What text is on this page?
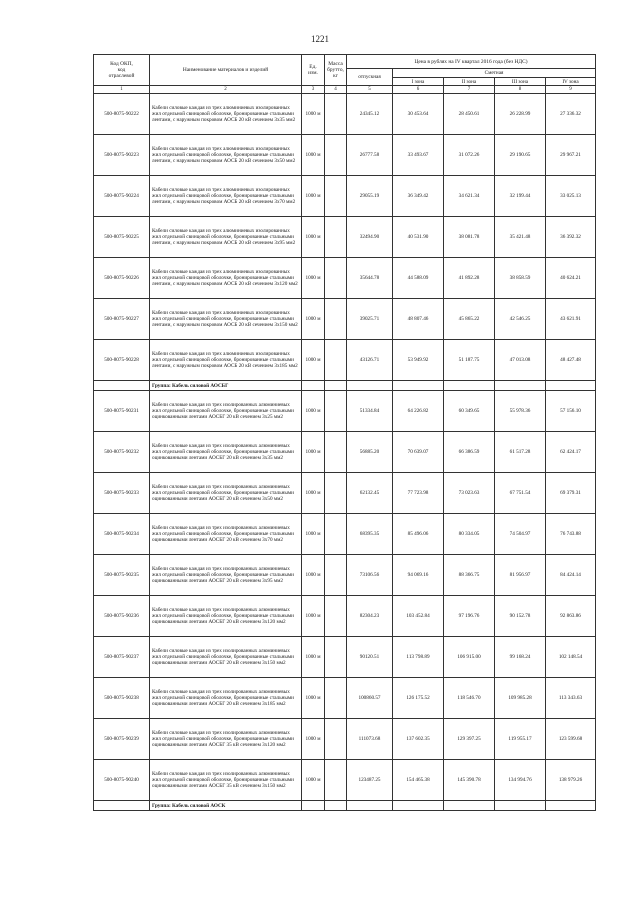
1221
Код ОКП,
код
отраслевой	Наименование материалов и изделий	Ед. изм.	Масса брутто, кг	Цена в рублях на IV квартал 2016 года (без НДС)				
				отпускная	Сметная			
					I зона	II зона	III зона	IV зона
1	2	3	4	5	6	7	8	9
500-8075-90222	Кабели силовые каждая из трех алюминиевых изолированных жил отдельной свинцовой оболочке, бронированные стальными лентами, с наружным покровом АОСБ 20 кВ сечением 3х35 мм2	1000 м		24345.12	30 453.64	28 450.61	26 228.99	27 336.32
500-8075-90223	Кабели силовые каждая из трех алюминиевых изолированных жил отдельной свинцовой оболочке, бронированные стальными лентами, с наружным покровом АОСБ 20 кВ сечением 3х50 мм2	1000 м		26777.58	33 493.67	31 072.26	29 190.65	29 967.21
500-8075-90224	Кабели силовые каждая из трех алюминиевых изолированных жил отдельной свинцовой оболочке, бронированные стальными лентами, с наружным покровом АОСБ 20 кВ сечением 3х70 мм2	1000 м		29055.19	36 349.42	34 621.34	32 199.44	33 025.13
500-8075-90225	Кабели силовые каждая из трех алюминиевых изолированных жил отдельной свинцовой оболочке, бронированные стальными лентами, с наружным покровом АОСБ 20 кВ сечением 3х95 мм2	1000 м		32494.90	40 531.90	38 081.78	35 421.48	36 392.32
500-8075-90226	Кабели силовые каждая из трех алюминиевых изолированных жил отдельной свинцовой оболочке, бронированные стальными лентами, с наружным покровом АОСБ 20 кВ сечением 3х120 мм2	1000 м		35644.78	44 588.09	41 892.28	38 858.59	40 624.21
500-8075-90227	Кабели силовые каждая из трех алюминиевых изолированных жил отдельной свинцовой оболочке, бронированные стальными лентами, с наружным покровом АОСБ 20 кВ сечением 3х150 мм2	1000 м		39025.71	48 807.46	45 865.22	42 546.25	43 621.91
500-8075-90228	Кабели силовые каждая из трех алюминиевых изолированных жил отдельной свинцовой оболочке, бронированные стальными лентами, с наружным покровом АОСБ 20 кВ сечением 3х185 мм2	1000 м		43126.71	53 949.92	51 187.75	47 013.08	48 427.48
	Группа: Кабель силовой АОСБГ							
500-8075-90231	Кабели силовые каждая из трех изолированных алюминиевых жил отдельной свинцовой оболочке, бронированные стальными оцинкованными лентами АОСБГ 20 кВ сечением 3х25 мм2	1000 м		51334.84	64 226.82	60 349.65	55 978.36	57 156.10
500-8075-90232	Кабели силовые каждая из трех изолированных алюминиевых жил отдельной свинцовой оболочке, бронированные стальными оцинкованными лентами АОСБГ 20 кВ сечением 3х35 мм2	1000 м		56885.20	70 639.07	66 386.59	61 517.28	62 424.17
500-8075-90233	Кабели силовые каждая из трех изолированных алюминиевых жил отдельной свинцовой оболочке, бронированные стальными оцинкованными лентами АОСБГ 20 кВ сечением 3х50 мм2	1000 м		62132.45	77 723.98	73 023.63	67 751.54	69 379.31
500-8075-90234	Кабели силовые каждая из трех изолированных алюминиевых жил отдельной свинцовой оболочке, бронированные стальными оцинкованными лентами АОСБГ 20 кВ сечением 3х70 мм2	1000 м		68395.35	85 496.06	80 334.05	74 504.97	76 743.88
500-8075-90235	Кабели силовые каждая из трех изолированных алюминиевых жил отдельной свинцовой оболочке, бронированные стальными оцинкованными лентами АОСБГ 20 кВ сечением 3х95 мм2	1000 м		73106.56	94 069.16	88 366.75	81 956.97	84 424.14
500-8075-90236	Кабели силовые каждая из трех изолированных алюминиевых жил отдельной свинцовой оболочке, бронированные стальными оцинкованными лентами АОСБГ 20 кВ сечением 3х120 мм2	1000 м		82304.23	103 452.84	97 196.76	90 152.78	92 863.86
500-8075-90237	Кабели силовые каждая из трех изолированных алюминиевых жил отдельной свинцовой оболочке, бронированные стальными оцинкованными лентами АОСБГ 20 кВ сечением 3х150 мм2	1000 м		90120.51	113 798.89	106 915.00	99 168.24	102 148.54
500-8075-90238	Кабели силовые каждая из трех изолированных алюминиевых жил отдельной свинцовой оболочке, бронированные стальными оцинкованными лентами АОСБГ 20 кВ сечением 3х185 мм2	1000 м		100860.57	126 175.52	118 546.70	109 985.28	113 343.63
500-8075-90239	Кабели силовые каждая из трех изолированных алюминиевых жил отдельной свинцовой оболочке, бронированные стальными оцинкованными лентами АОСБГ 35 кВ сечением 3х120 мм2	1000 м		111073.68	137 602.35	129 397.25	119 955.17	123 599.68
500-8075-90240	Кабели силовые каждая из трех изолированных алюминиевых жил отдельной свинцовой оболочке, бронированные стальными оцинкованными лентами АОСБГ 35 кВ сечением 3х150 мм2	1000 м		123487.25	154 465.38	145 390.78	134 994.76	138 979.26
	Группа: Кабель силовой АОСК							
